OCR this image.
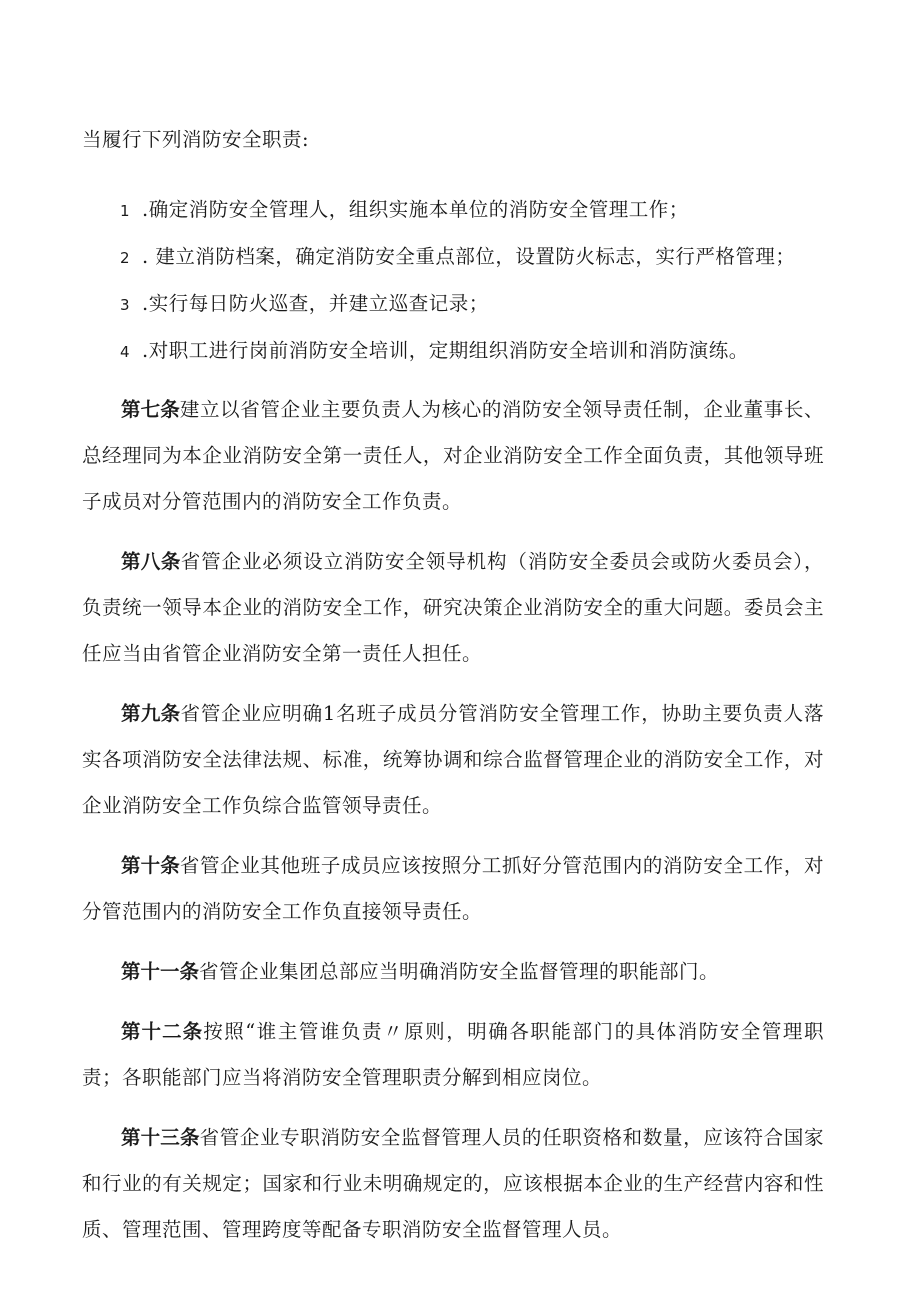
当履行下列消防安全职责:

1 .确定消防安全管理人，组织实施本单位的消防安全管理工作；

2 . 建立消防档案，确定消防安全重点部位，设置防火标志，实行严格管理；

3 .实行每日防火巡查，并建立巡查记录；

4 .对职工进行岗前消防安全培训，定期组织消防安全培训和消防演练。

第七条建立以省管企业主要负责人为核心的消防安全领导责任制，企业董事长、总经理同为本企业消防安全第一责任人，对企业消防安全工作全面负责，其他领导班子成员对分管范围内的消防安全工作负责。

第八条省管企业必须设立消防安全领导机构（消防安全委员会或防火委员会），负责统一领导本企业的消防安全工作，研究决策企业消防安全的重大问题。委员会主任应当由省管企业消防安全第一责任人担任。

第九条省管企业应明确1名班子成员分管消防安全管理工作，协助主要负责人落实各项消防安全法律法规、标准，统筹协调和综合监督管理企业的消防安全工作，对企业消防安全工作负综合监管领导责任。

第十条省管企业其他班子成员应该按照分工抓好分管范围内的消防安全工作，对分管范围内的消防安全工作负直接领导责任。

第十一条省管企业集团总部应当明确消防安全监督管理的职能部门。

第十二条按照“谁主管谁负责〃原则，明确各职能部门的具体消防安全管理职责；各职能部门应当将消防安全管理职责分解到相应岗位。

第十三条省管企业专职消防安全监督管理人员的任职资格和数量，应该符合国家和行业的有关规定；国家和行业未明确规定的，应该根据本企业的生产经营内容和性质、管理范围、管理跨度等配备专职消防安全监督管理人员。
